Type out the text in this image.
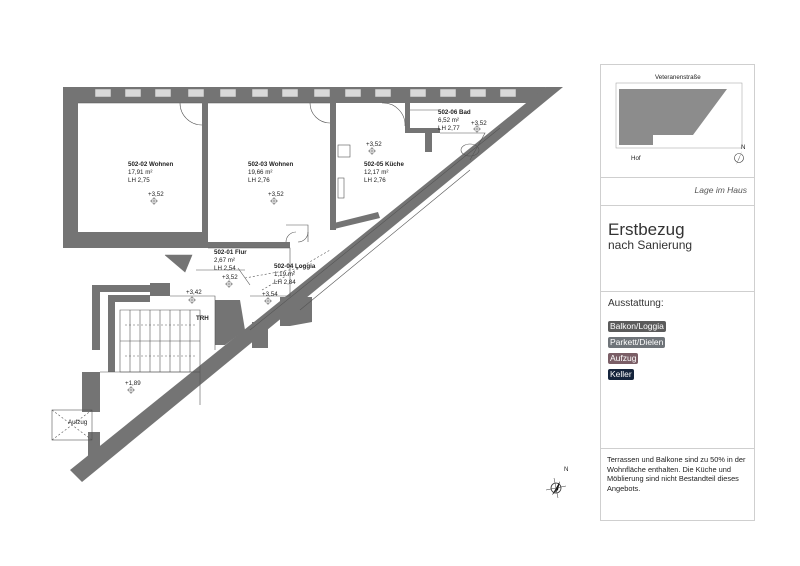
502-02 Wohnen
17,91 m²
LH 2,75
+3,52
502-03 Wohnen
19,66 m²
LH 2,76
+3,52
502-05 Küche
12,17 m²
LH 2,76
+3,52
502-06 Bad
6,52 m²
LH 2,77
+3,52
502-01 Flur
2,67 m²
LH 2,54
+3,52
502-04 Loggia
1,19 m²
LH 2,84
+3,54
TRH
+3,42
+1,89
Aufzug
N
Veteranenstraße
Hof
N
Lage im Haus
Erstbezug
nach Sanierung
Ausstattung:
Balkon/Loggia
Parkett/Dielen
Aufzug
Keller
Terrassen und Balkone sind zu 50% in der Wohnfläche enthalten. Die Küche und Möblierung sind nicht Bestandteil dieses Angebots.
